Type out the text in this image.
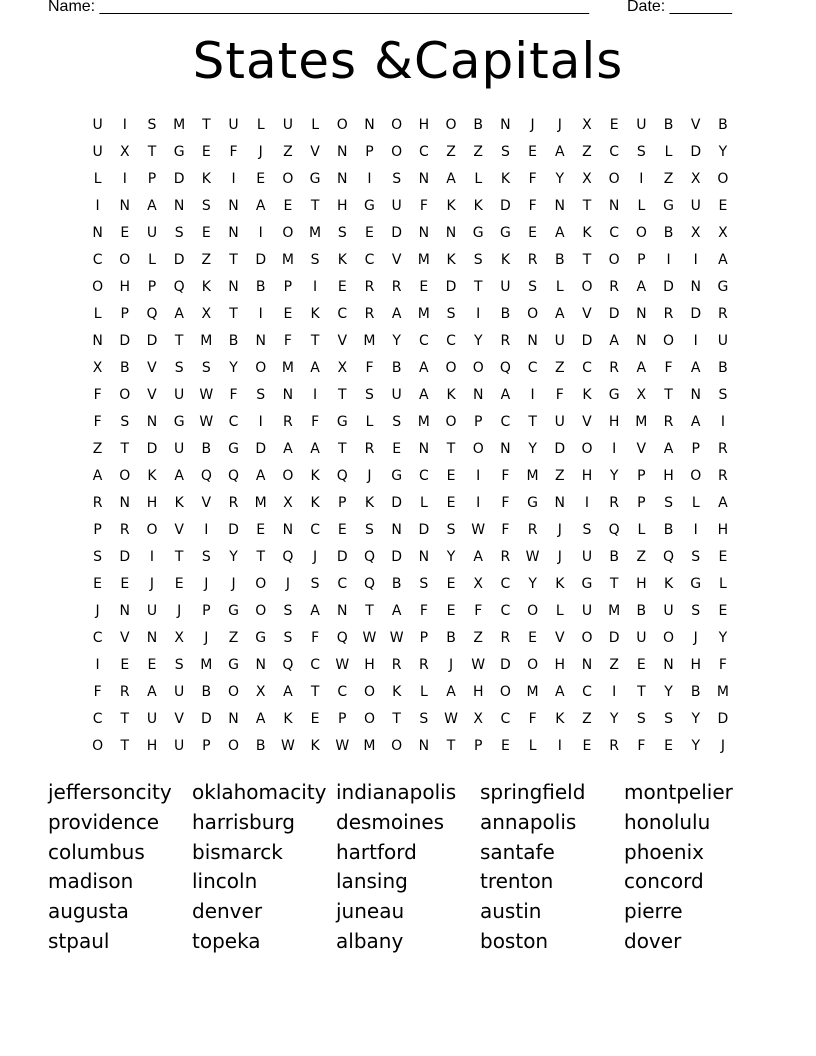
Name: _______________________________________________________ Date: _______
States &Capitals
U	I	S	M	T	U	L	U	L	O	N	O	H	O	B	N	J	J	X	E	U	B	V	B
U	X	T	G	E	F	J	Z	V	N	P	O	C	Z	Z	S	E	A	Z	C	S	L	D	Y
L	I	P	D	K	I	E	O	G	N	I	S	N	A	L	K	F	Y	X	O	I	Z	X	O
I	N	A	N	S	N	A	E	T	H	G	U	F	K	K	D	F	N	T	N	L	G	U	E
N	E	U	S	E	N	I	O	M	S	E	D	N	N	G	G	E	A	K	C	O	B	X	X
C	O	L	D	Z	T	D	M	S	K	C	V	M	K	S	K	R	B	T	O	P	I	I	A
O	H	P	Q	K	N	B	P	I	E	R	R	E	D	T	U	S	L	O	R	A	D	N	G
L	P	Q	A	X	T	I	E	K	C	R	A	M	S	I	B	O	A	V	D	N	R	D	R
N	D	D	T	M	B	N	F	T	V	M	Y	C	C	Y	R	N	U	D	A	N	O	I	U
X	B	V	S	S	Y	O	M	A	X	F	B	A	O	O	Q	C	Z	C	R	A	F	A	B
F	O	V	U	W	F	S	N	I	T	S	U	A	K	N	A	I	F	K	G	X	T	N	S
F	S	N	G	W	C	I	R	F	G	L	S	M	O	P	C	T	U	V	H	M	R	A	I
Z	T	D	U	B	G	D	A	A	T	R	E	N	T	O	N	Y	D	O	I	V	A	P	R
A	O	K	A	Q	Q	A	O	K	Q	J	G	C	E	I	F	M	Z	H	Y	P	H	O	R
R	N	H	K	V	R	M	X	K	P	K	D	L	E	I	F	G	N	I	R	P	S	L	A
P	R	O	V	I	D	E	N	C	E	S	N	D	S	W	F	R	J	S	Q	L	B	I	H
S	D	I	T	S	Y	T	Q	J	D	Q	D	N	Y	A	R	W	J	U	B	Z	Q	S	E
E	E	J	E	J	J	O	J	S	C	Q	B	S	E	X	C	Y	K	G	T	H	K	G	L
J	N	U	J	P	G	O	S	A	N	T	A	F	E	F	C	O	L	U	M	B	U	S	E
C	V	N	X	J	Z	G	S	F	Q	W W	P	B	Z	R	E	V	O	D	U	O	J	Y
I	E	E	S	M	G	N	Q	C	W	H	R	R	J	W	D	O	H	N	Z	E	N	H	F
F	R	A	U	B	O	X	A	T	C	O	K	L	A	H	O	M	A	C	I	T	Y	B	M
C	T	U	V	D	N	A	K	E	P	O	T	S	W	X	C	F	K	Z	Y	S	S	Y	D
O	T	H	U	P	O	B	W	K	W	M	O	N	T	P	E	L	I	E	R	F	E	Y	J
jeffersoncity	oklahomacity indianapolis	springfield	montpelier
providence	harrisburg	desmoines	annapolis	honolulu
columbus	bismarck	hartford	santafe	phoenix
madison	lincoln	lansing	trenton	concord
augusta	denver	juneau	austin	pierre
stpaul	topeka	albany	boston	dover
